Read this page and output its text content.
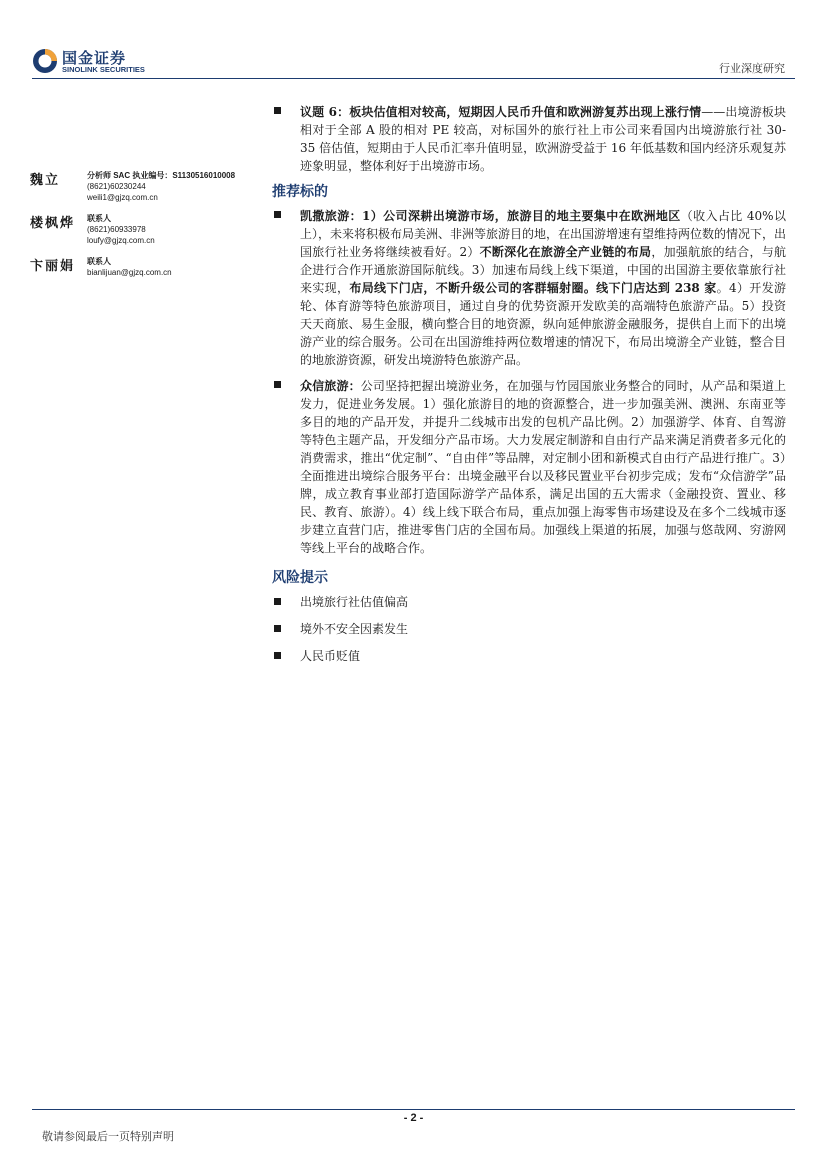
国金证券
SINOLINK SECURITIES	行业深度研究
魏立	分析师 SAC 执业编号：S1130516010008
(8621)60230244
weili1@gjzq.com.cn
楼枫烨 联系人
(8621)60933978
loufy@gjzq.com.cn
卞丽娟 联系人
bianlijuan@gjzq.com.cn
议题 6：板块估值相对较高，短期因人民币升值和欧洲游复苏出现上涨行情——出境游板块相对于全部 A 股的相对 PE 较高，对标国外的旅行社上市公司来看国内出境游旅行社 30-35 倍估值，短期由于人民币汇率升值明显，欧洲游受益于 16 年低基数和国内经济乐观复苏迹象明显，整体利好于出境游市场。
推荐标的
凯撒旅游：1）公司深耕出境游市场，旅游目的地主要集中在欧洲地区（收入占比 40%以上），未来将积极布局美洲、非洲等旅游目的地，在出国游增速有望维持两位数的情况下，出国旅行社业务将继续被看好。2）不断深化在旅游全产业链的布局，加强航旅的结合，与航企进行合作开通旅游国际航线。3）加速布局线上线下渠道，中国的出国游主要依靠旅行社来实现，布局线下门店，不断升级公司的客群辐射圈。线下门店达到 238 家。4）开发游轮、体育游等特色旅游项目，通过自身的优势资源开发欧美的高端特色旅游产品。5）投资天天商旅、易生金服，横向整合目的地资源，纵向延伸旅游金融服务，提供自上而下的出境游产业的综合服务。公司在出国游维持两位数增速的情况下，布局出境游全产业链，整合目的地旅游资源，研发出境游特色旅游产品。
众信旅游：公司坚持把握出境游业务，在加强与竹园国旅业务整合的同时，从产品和渠道上发力，促进业务发展。1）强化旅游目的地的资源整合，进一步加强美洲、澳洲、东南亚等多目的地的产品开发，并提升二线城市出发的包机产品比例。2）加强游学、体育、自驾游等特色主题产品，开发细分产品市场。大力发展定制游和自由行产品来满足消费者多元化的消费需求，推出“优定制”、“自由伴”等品牌，对定制小团和新模式自由行产品进行推广。3）全面推进出境综合服务平台：出境金融平台以及移民置业平台初步完成；发布“众信游学”品牌，成立教育事业部打造国际游学产品体系，满足出国的五大需求（金融投资、置业、移民、教育、旅游）。4）线上线下联合布局，重点加强上海零售市场建设及在多个二线城市逐步建立直营门店，推进零售门店的全国布局。加强线上渠道的拓展，加强与悠哉网、穷游网等线上平台的战略合作。
风险提示
出境旅行社估值偏高
境外不安全因素发生
人民币贬值
- 2 -
敬请参阅最后一页特别声明
